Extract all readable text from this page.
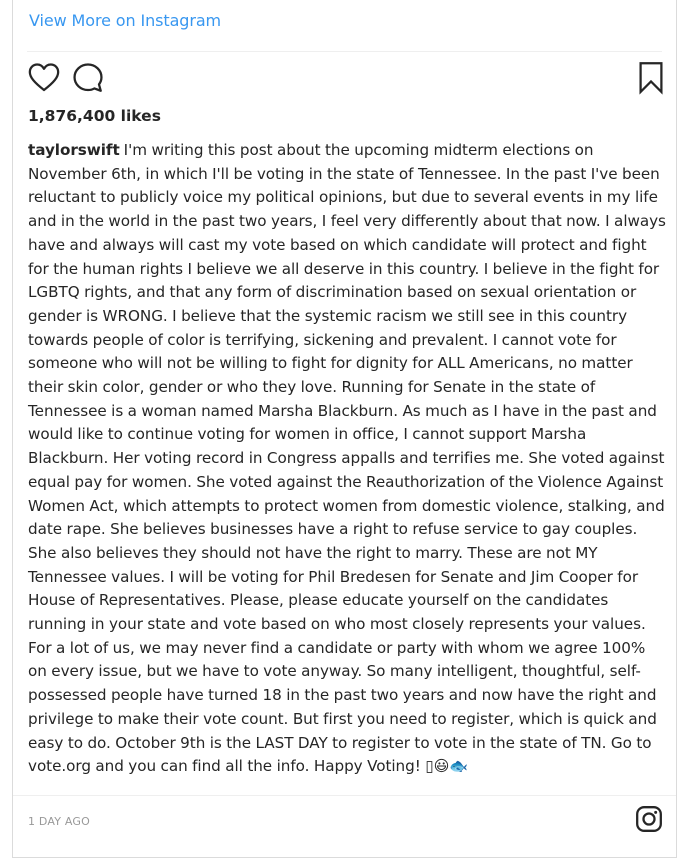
View More on Instagram
1,876,400 likes
taylorswift I'm writing this post about the upcoming midterm elections on November 6th, in which I'll be voting in the state of Tennessee. In the past I've been reluctant to publicly voice my political opinions, but due to several events in my life and in the world in the past two years, I feel very differently about that now. I always have and always will cast my vote based on which candidate will protect and fight for the human rights I believe we all deserve in this country. I believe in the fight for LGBTQ rights, and that any form of discrimination based on sexual orientation or gender is WRONG. I believe that the systemic racism we still see in this country towards people of color is terrifying, sickening and prevalent. I cannot vote for someone who will not be willing to fight for dignity for ALL Americans, no matter their skin color, gender or who they love. Running for Senate in the state of Tennessee is a woman named Marsha Blackburn. As much as I have in the past and would like to continue voting for women in office, I cannot support Marsha Blackburn. Her voting record in Congress appalls and terrifies me. She voted against equal pay for women. She voted against the Reauthorization of the Violence Against Women Act, which attempts to protect women from domestic violence, stalking, and date rape. She believes businesses have a right to refuse service to gay couples. She also believes they should not have the right to marry. These are not MY Tennessee values. I will be voting for Phil Bredesen for Senate and Jim Cooper for House of Representatives. Please, please educate yourself on the candidates running in your state and vote based on who most closely represents your values. For a lot of us, we may never find a candidate or party with whom we agree 100% on every issue, but we have to vote anyway. So many intelligent, thoughtful, self-possessed people have turned 18 in the past two years and now have the right and privilege to make their vote count. But first you need to register, which is quick and easy to do. October 9th is the LAST DAY to register to vote in the state of TN. Go to vote.org and you can find all the info. Happy Voting! ▯😃🐟
1 DAY AGO
